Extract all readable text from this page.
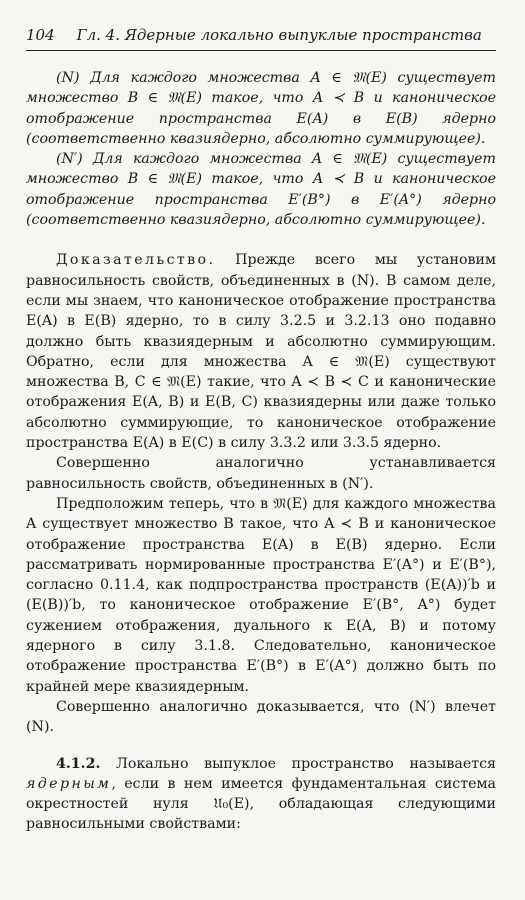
104 Гл. 4. Ядерные локально выпуклые пространства

(N) Для каждого множества A ∈ 𝔐(E) существует множество B ∈ 𝔐(E) такое, что A ≺ B и каноническое отображение пространства E(A) в E(B) ядерно (соответственно квазиядерно, абсолютно суммирующее).

(N′) Для каждого множества A ∈ 𝔐(E) существует множество B ∈ 𝔐(E) такое, что A ≺ B и каноническое отображение пространства E′(B°) в E′(A°) ядерно (соответственно квазиядерно, абсолютно суммирующее).

Доказательство. Прежде всего мы установим равносильность свойств, объединенных в (N). В самом деле, если мы знаем, что каноническое отображение пространства E(A) в E(B) ядерно, то в силу 3.2.5 и 3.2.13 оно подавно должно быть квазиядерным и абсолютно суммирующим. Обратно, если для множества A ∈ 𝔐(E) существуют множества B, C ∈ 𝔐(E) такие, что A ≺ B ≺ C и канонические отображения E(A, B) и E(B, C) квазиядерны или даже только абсолютно суммирующие, то каноническое отображение пространства E(A) в E(C) в силу 3.3.2 или 3.3.5 ядерно.

Совершенно аналогично устанавливается равносильность свойств, объединенных в (N′).

Предположим теперь, что в 𝔐(E) для каждого множества A существует множество B такое, что A ≺ B и каноническое отображение пространства E(A) в E(B) ядерно. Если рассматривать нормированные пространства E′(A°) и E′(B°), согласно 0.11.4, как подпространства пространств (E(A))′b и (E(B))′b, то каноническое отображение E′(B°, A°) будет сужением отображения, дуального к E(A, B) и потому ядерного в силу 3.1.8. Следовательно, каноническое отображение пространства E′(B°) в E′(A°) должно быть по крайней мере квазиядерным.

Совершенно аналогично доказывается, что (N′) влечет (N).

4.1.2. Локально выпуклое пространство называется ядерным, если в нем имеется фундаментальная система окрестностей нуля 𝔘₀(E), обладающая следующими равносильными свойствами:
